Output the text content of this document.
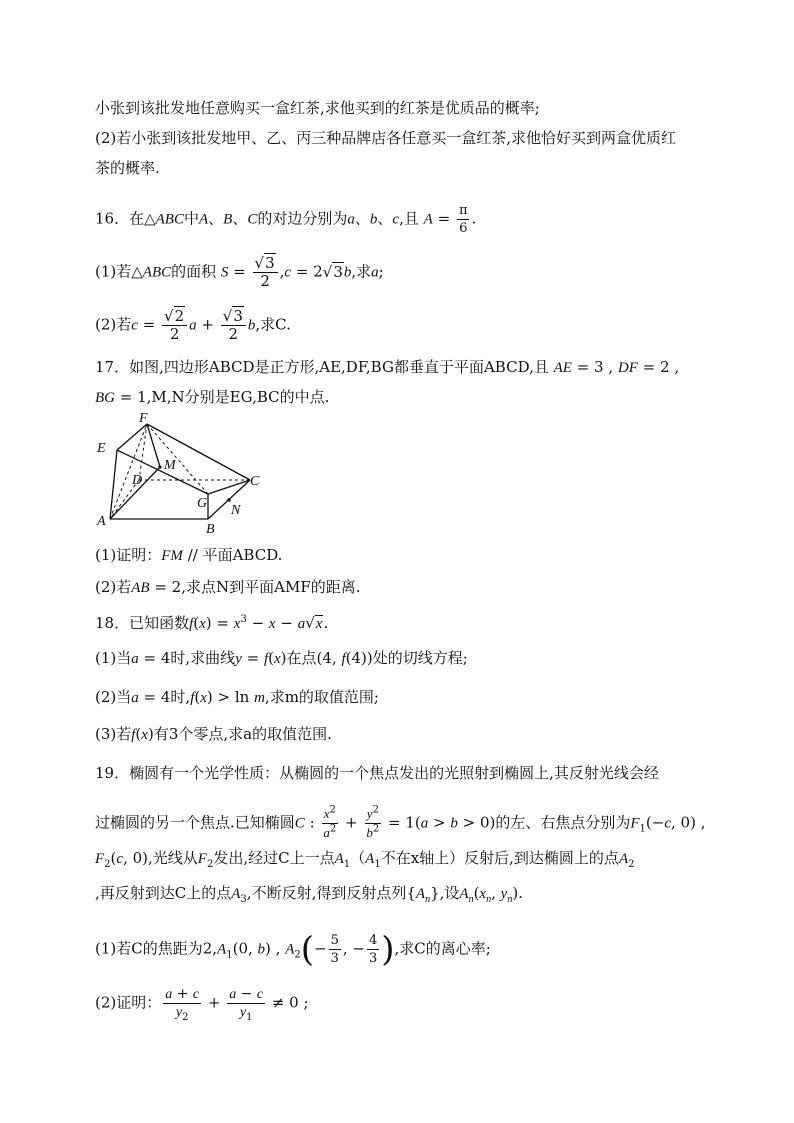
小张到该批发地任意购买一盒红茶,求他买到的红茶是优质品的概率;
(2)若小张到该批发地甲、乙、丙三种品牌店各任意买一盒红茶,求他恰好买到两盒优质红
茶的概率.
16．在△ABC中A、B、C的对边分别为a、b、c,且 $A = \frac{\pi}{6}$ .
(1)若△ABC的面积 $S = \frac{√3}{2} ,c = 2√3b$,求a;
(2)若$c = \frac{√2}{2}$ $a + \frac{√3}{2} b$,求C.
17．如图,四边形ABCD是正方形,AE,DF,BG都垂直于平面ABCD,且 AE = 3 , DF = 2 ,
BG = 1,M,N分别是EG,BC的中点.
F
E
M
D	C
G
A
N
B
(1)证明：FM // 平面ABCD.
(2)若AB = 2,求点N到平面AMF的距离.
18．已知函数$f(x) = x^3 - x - a√x$.
(1)当a = 4时,求曲线y = f(x)在点(4, f(4))处的切线方程;
(2)当a = 4时,f(x) > ln m,求m的取值范围;
(3)若f(x)有3个零点,求a的取值范围.
19．椭圆有一个光学性质：从椭圆的一个焦点发出的光照射到椭圆上,其反射光线会经
过椭圆的另一个焦点.已知椭圆C : $\frac{x^2}{a^2} + \frac{y^2}{b^2} = 1(a > b > 0)$的左、右焦点分别为$F_1(-c$, 0) ,
$F_2(c$, 0),光线从$F_2$发出,经过C上一点$A_1(A_1$不在x轴上）反射后,到达椭圆上的点$A_2$
,再反射到达C上的点$A_3$,不断反射,得到反射点列$\{A_n\}$,设$A_n(x_n$, $y_n$).
(1)若C的焦距为$2,A_1(0$, b) , $A_2(- \frac{5}{3}$ , − $\frac{4}{3}$ ),求C的离心率;
(2)证明： $\frac{a + c}{y_2} + \frac{a - c}{y_1} \ne 0$ ;
